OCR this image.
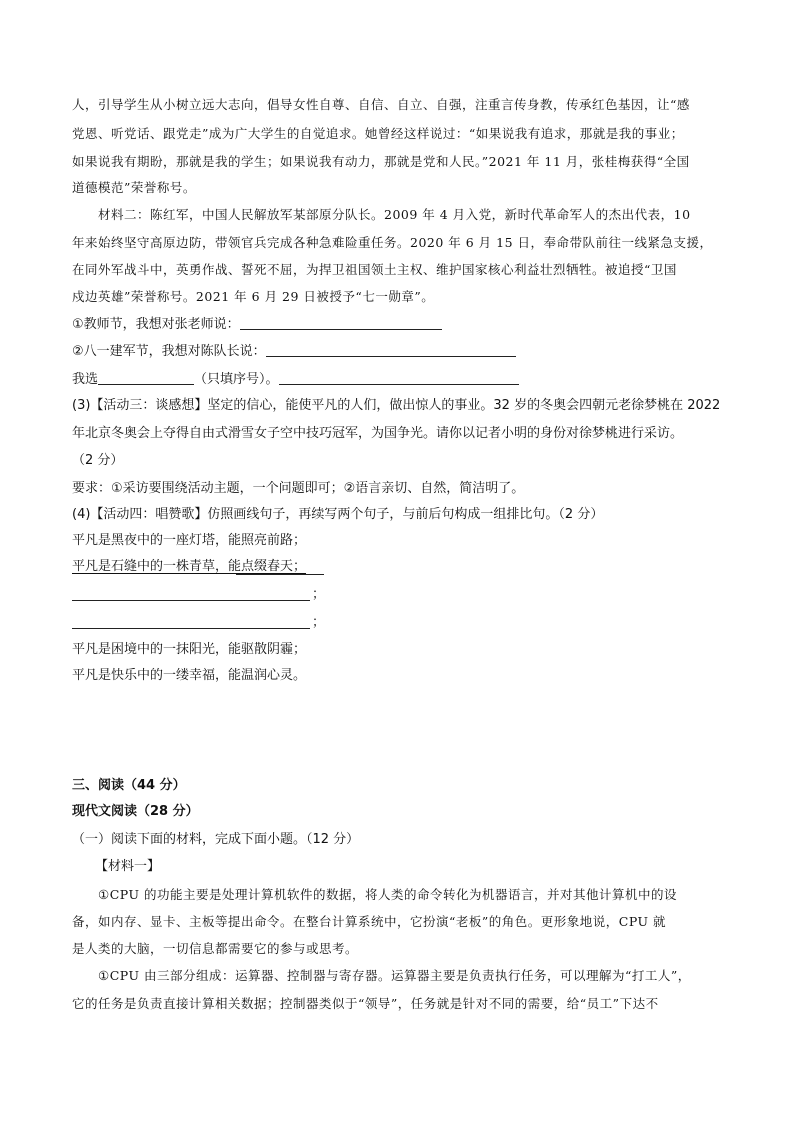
人，引导学生从小树立远大志向，倡导女性自尊、自信、自立、自强，注重言传身教，传承红色基因，让“感
党恩、听党话、跟党走”成为广大学生的自觉追求。她曾经这样说过：“如果说我有追求，那就是我的事业；
如果说我有期盼，那就是我的学生；如果说我有动力，那就是党和人民。”2021 年 11 月，张桂梅获得“全国
道德模范”荣誉称号。
材料二：陈红军，中国人民解放军某部原分队长。2009 年 4 月入党，新时代革命军人的杰出代表，10
年来始终坚守高原边防，带领官兵完成各种急难险重任务。2020 年 6 月 15 日，奉命带队前往一线紧急支援，
在同外军战斗中，英勇作战、誓死不屈，为捍卫祖国领土主权、维护国家核心利益壮烈牺牲。被追授“卫国
戍边英雄”荣誉称号。2021 年 6 月 29 日被授予“七一勋章”。
①教师节，我想对张老师说：
②八一建军节，我想对陈队长说：
我选	（只填序号）。
(3)【活动三：谈感想】坚定的信心，能使平凡的人们，做出惊人的事业。32 岁的冬奥会四朝元老徐梦桃在 2022
年北京冬奥会上夺得自由式滑雪女子空中技巧冠军，为国争光。请你以记者小明的身份对徐梦桃进行采访。
（2 分）
要求：①采访要围绕活动主题，一个问题即可；②语言亲切、自然，简洁明了。
(4)【活动四：唱赞歌】仿照画线句子，再续写两个句子，与前后句构成一组排比句。（2 分）
平凡是黑夜中的一座灯塔，能照亮前路；
平凡是石缝中的一株青草，能点缀春天；
；
；
平凡是困境中的一抹阳光，能驱散阴霾；
平凡是快乐中的一缕幸福，能温润心灵。
三、阅读（44 分）
现代文阅读（28 分）
（一）阅读下面的材料，完成下面小题。（12 分）
【材料一】
①CPU 的功能主要是处理计算机软件的数据，将人类的命令转化为机器语言，并对其他计算机中的设
备，如内存、显卡、主板等提出命令。在整台计算系统中，它扮演“老板”的角色。更形象地说，CPU 就
是人类的大脑，一切信息都需要它的参与或思考。
①CPU 由三部分组成：运算器、控制器与寄存器。运算器主要是负责执行任务，可以理解为“打工人”，
它的任务是负责直接计算相关数据；控制器类似于“领导”，任务就是针对不同的需要，给“员工”下达不
